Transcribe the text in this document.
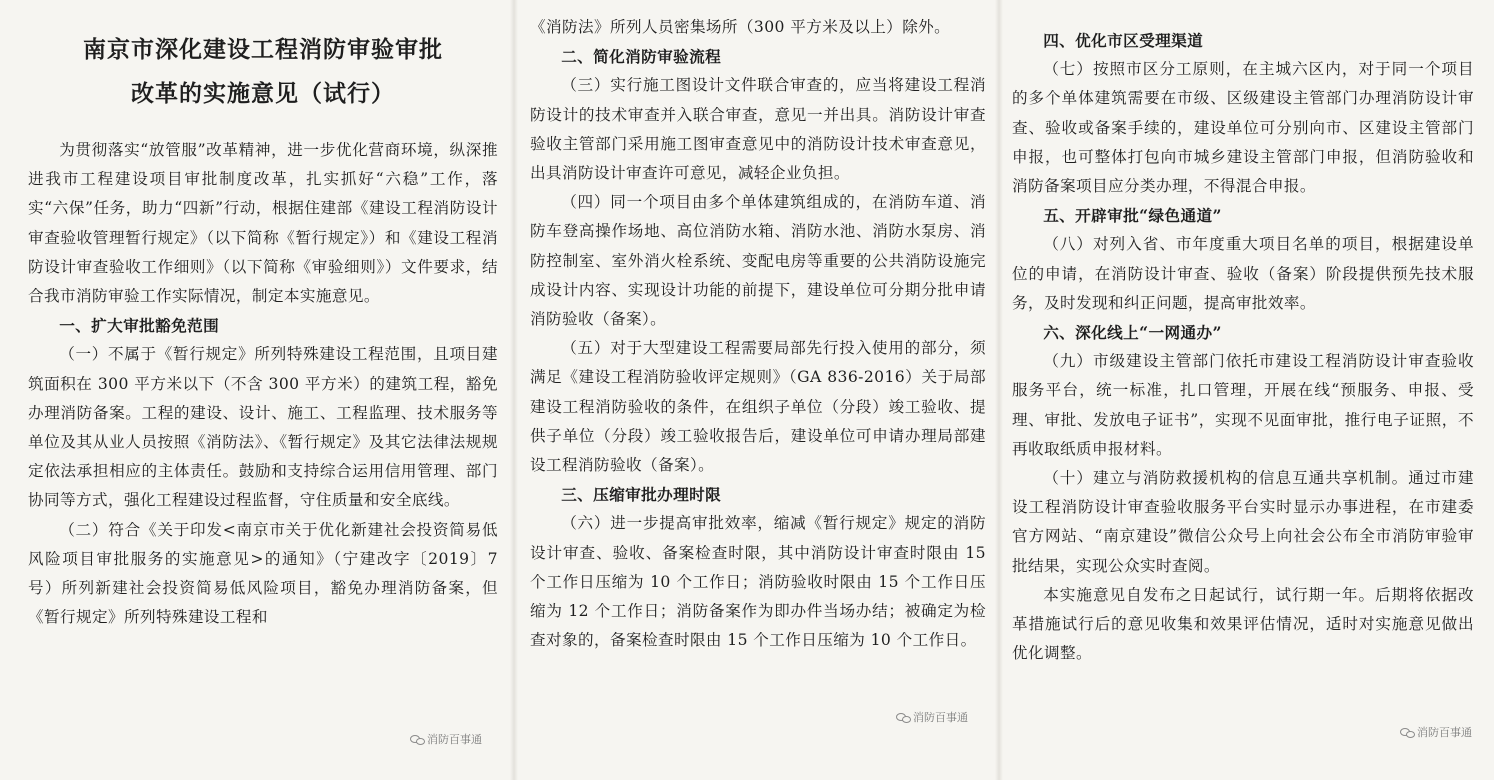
南京市深化建设工程消防审验审批
改革的实施意见（试行）

为贯彻落实“放管服”改革精神，进一步优化营商环境，纵深推进我市工程建设项目审批制度改革，扎实抓好“六稳”工作，落实“六保”任务，助力“四新”行动，根据住建部《建设工程消防设计审查验收管理暂行规定》（以下简称《暂行规定》）和《建设工程消防设计审查验收工作细则》（以下简称《审验细则》）文件要求，结合我市消防审验工作实际情况，制定本实施意见。

一、扩大审批豁免范围

（一）不属于《暂行规定》所列特殊建设工程范围，且项目建筑面积在 300 平方米以下（不含 300 平方米）的建筑工程，豁免办理消防备案。工程的建设、设计、施工、工程监理、技术服务等单位及其从业人员按照《消防法》、《暂行规定》及其它法律法规规定依法承担相应的主体责任。鼓励和支持综合运用信用管理、部门协同等方式，强化工程建设过程监督，守住质量和安全底线。

（二）符合《关于印发<南京市关于优化新建社会投资简易低风险项目审批服务的实施意见>的通知》（宁建改字〔2019〕7 号）所列新建社会投资简易低风险项目，豁免办理消防备案，但《暂行规定》所列特殊建设工程和

《消防法》所列人员密集场所（300 平方米及以上）除外。

二、简化消防审验流程

（三）实行施工图设计文件联合审查的，应当将建设工程消防设计的技术审查并入联合审查，意见一并出具。消防设计审查验收主管部门采用施工图审查意见中的消防设计技术审查意见，出具消防设计审查许可意见，减轻企业负担。

（四）同一个项目由多个单体建筑组成的，在消防车道、消防车登高操作场地、高位消防水箱、消防水池、消防水泵房、消防控制室、室外消火栓系统、变配电房等重要的公共消防设施完成设计内容、实现设计功能的前提下，建设单位可分期分批申请消防验收（备案）。

（五）对于大型建设工程需要局部先行投入使用的部分，须满足《建设工程消防验收评定规则》（GA 836-2016）关于局部建设工程消防验收的条件，在组织子单位（分段）竣工验收、提供子单位（分段）竣工验收报告后，建设单位可申请办理局部建设工程消防验收（备案）。

三、压缩审批办理时限

（六）进一步提高审批效率，缩减《暂行规定》规定的消防设计审查、验收、备案检查时限，其中消防设计审查时限由 15 个工作日压缩为 10 个工作日；消防验收时限由 15 个工作日压缩为 12 个工作日；消防备案作为即办件当场办结；被确定为检查对象的，备案检查时限由 15 个工作日压缩为 10 个工作日。

四、优化市区受理渠道

（七）按照市区分工原则，在主城六区内，对于同一个项目的多个单体建筑需要在市级、区级建设主管部门办理消防设计审查、验收或备案手续的，建设单位可分别向市、区建设主管部门申报，也可整体打包向市城乡建设主管部门申报，但消防验收和消防备案项目应分类办理，不得混合申报。

五、开辟审批“绿色通道”

（八）对列入省、市年度重大项目名单的项目，根据建设单位的申请，在消防设计审查、验收（备案）阶段提供预先技术服务，及时发现和纠正问题，提高审批效率。

六、深化线上“一网通办”

（九）市级建设主管部门依托市建设工程消防设计审查验收服务平台，统一标准，扎口管理，开展在线“预服务、申报、受理、审批、发放电子证书”，实现不见面审批，推行电子证照，不再收取纸质申报材料。

（十）建立与消防救援机构的信息互通共享机制。通过市建设工程消防设计审查验收服务平台实时显示办事进程，在市建委官方网站、“南京建设”微信公众号上向社会公布全市消防审验审批结果，实现公众实时查阅。

本实施意见自发布之日起试行，试行期一年。后期将依据改革措施试行后的意见收集和效果评估情况，适时对实施意见做出优化调整。

消防百事通
消防百事通
消防百事通
